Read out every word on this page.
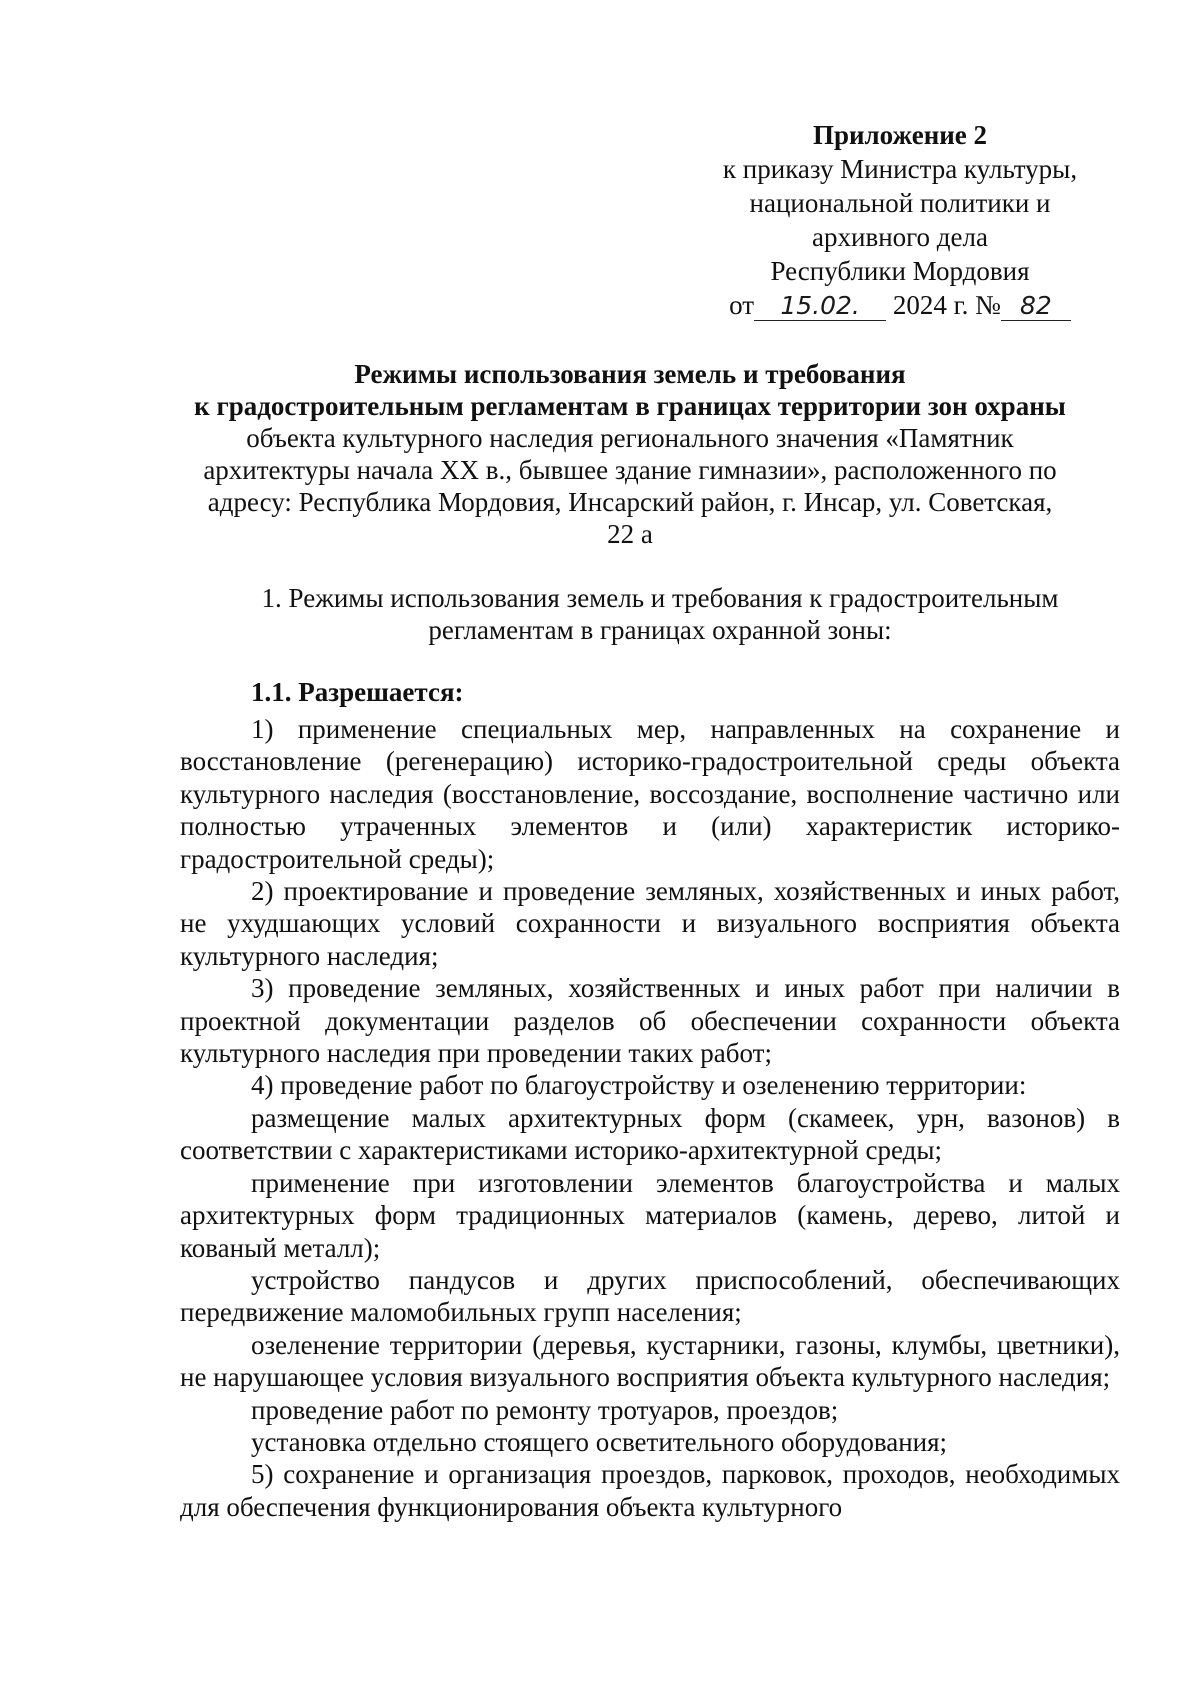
Приложение 2
к приказу Министра культуры,
национальной политики и
архивного дела
Республики Мордовия
от 15.02. 2024 г. № 82
Режимы использования земель и требования
к градостроительным регламентам в границах территории зон охраны
объекта культурного наследия регионального значения «Памятник
архитектуры начала XX в., бывшее здание гимназии», расположенного по
адресу: Республика Мордовия, Инсарский район, г. Инсар, ул. Советская,
22 а
1. Режимы использования земель и требования к градостроительным
регламентам в границах охранной зоны:
1.1. Разрешается:

1) применение специальных мер, направленных на сохранение и восстановление (регенерацию) историко-градостроительной среды объекта культурного наследия (восстановление, воссоздание, восполнение частично или полностью утраченных элементов и (или) характеристик историко-градостроительной среды);

2) проектирование и проведение земляных, хозяйственных и иных работ, не ухудшающих условий сохранности и визуального восприятия объекта культурного наследия;

3) проведение земляных, хозяйственных и иных работ при наличии в проектной документации разделов об обеспечении сохранности объекта культурного наследия при проведении таких работ;

4) проведение работ по благоустройству и озеленению территории:

размещение малых архитектурных форм (скамеек, урн, вазонов) в соответствии с характеристиками историко-архитектурной среды;

применение при изготовлении элементов благоустройства и малых архитектурных форм традиционных материалов (камень, дерево, литой и кованый металл);

устройство пандусов и других приспособлений, обеспечивающих передвижение маломобильных групп населения;

озеленение территории (деревья, кустарники, газоны, клумбы, цветники), не нарушающее условия визуального восприятия объекта культурного наследия;

проведение работ по ремонту тротуаров, проездов;

установка отдельно стоящего осветительного оборудования;

5) сохранение и организация проездов, парковок, проходов, необходимых для обеспечения функционирования объекта культурного
